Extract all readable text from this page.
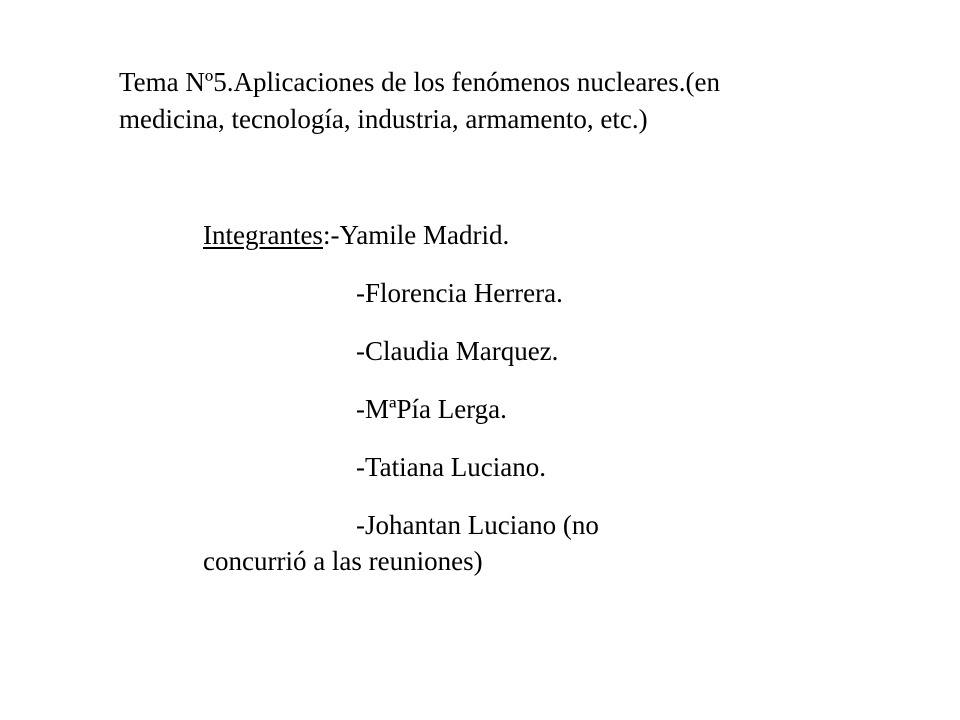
Tema Nº5.Aplicaciones de los fenómenos nucleares.(en
medicina, tecnología, industria, armamento, etc.)
Integrantes:-Yamile Madrid.
-Florencia Herrera.
-Claudia Marquez.
-MªPía Lerga.
-Tatiana Luciano.
-Johantan Luciano (no
concurrió a las reuniones)
